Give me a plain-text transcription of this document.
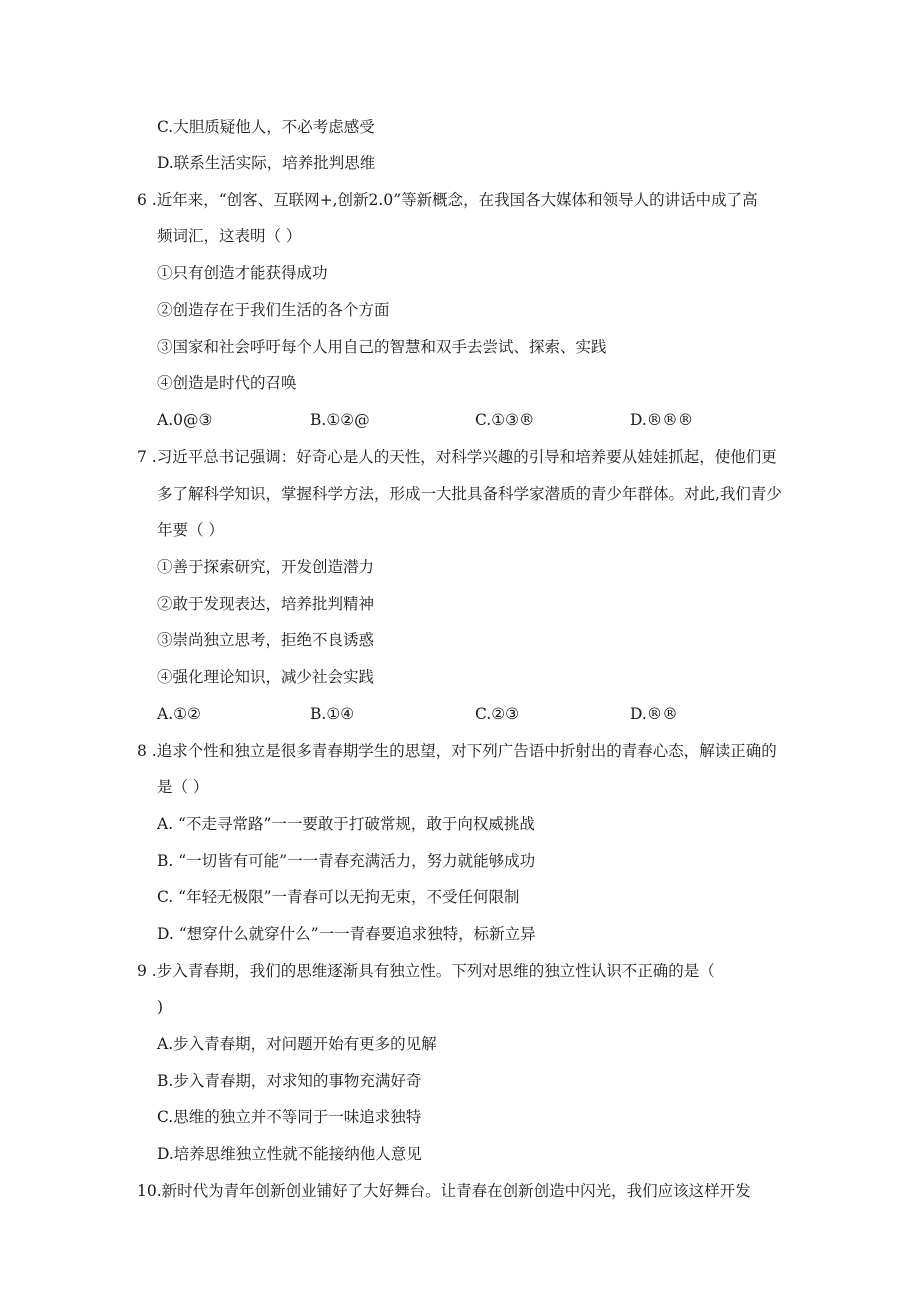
C.大胆质疑他人，不必考虑感受
D.联系生活实际，培养批判思维
6 .近年来，“创客、互联网+,创新2.0”等新概念，在我国各大媒体和领导人的讲话中成了高
频词汇，这表明（ ）
①只有创造才能获得成功
②创造存在于我们生活的各个方面
③国家和社会呼吁每个人用自己的智慧和双手去尝试、探索、实践
④创造是时代的召唤
A.0@③	B.①②@	C.①③®	D.®®®
7 .习近平总书记强调：好奇心是人的天性，对科学兴趣的引导和培养要从娃娃抓起，使他们更
多了解科学知识，掌握科学方法，形成一大批具备科学家潜质的青少年群体。对此,我们青少
年要（ ）
①善于探索研究，开发创造潜力
②敢于发现表达，培养批判精神
③崇尚独立思考，拒绝不良诱惑
④强化理论知识，减少社会实践
A.①②	B.①④	C.②③	D.®®
8 .追求个性和独立是很多青春期学生的思望，对下列广告语中折射出的青春心态，解读正确的
是（ ）
A. “不走寻常路”一一要敢于打破常规，敢于向权威挑战
B. “一切皆有可能”一一青春充满活力，努力就能够成功
C. “年轻无极限”一青春可以无拘无束，不受任何限制
D. “想穿什么就穿什么”一一青春要追求独特，标新立异
9 .步入青春期，我们的思维逐渐具有独立性。下列对思维的独立性认识不正确的是（
)
A.步入青春期，对问题开始有更多的见解
B.步入青春期，对求知的事物充满好奇
C.思维的独立并不等同于一味追求独特
D.培养思维独立性就不能接纳他人意见
10.新时代为青年创新创业铺好了大好舞台。让青春在创新创造中闪光，我们应该这样开发
